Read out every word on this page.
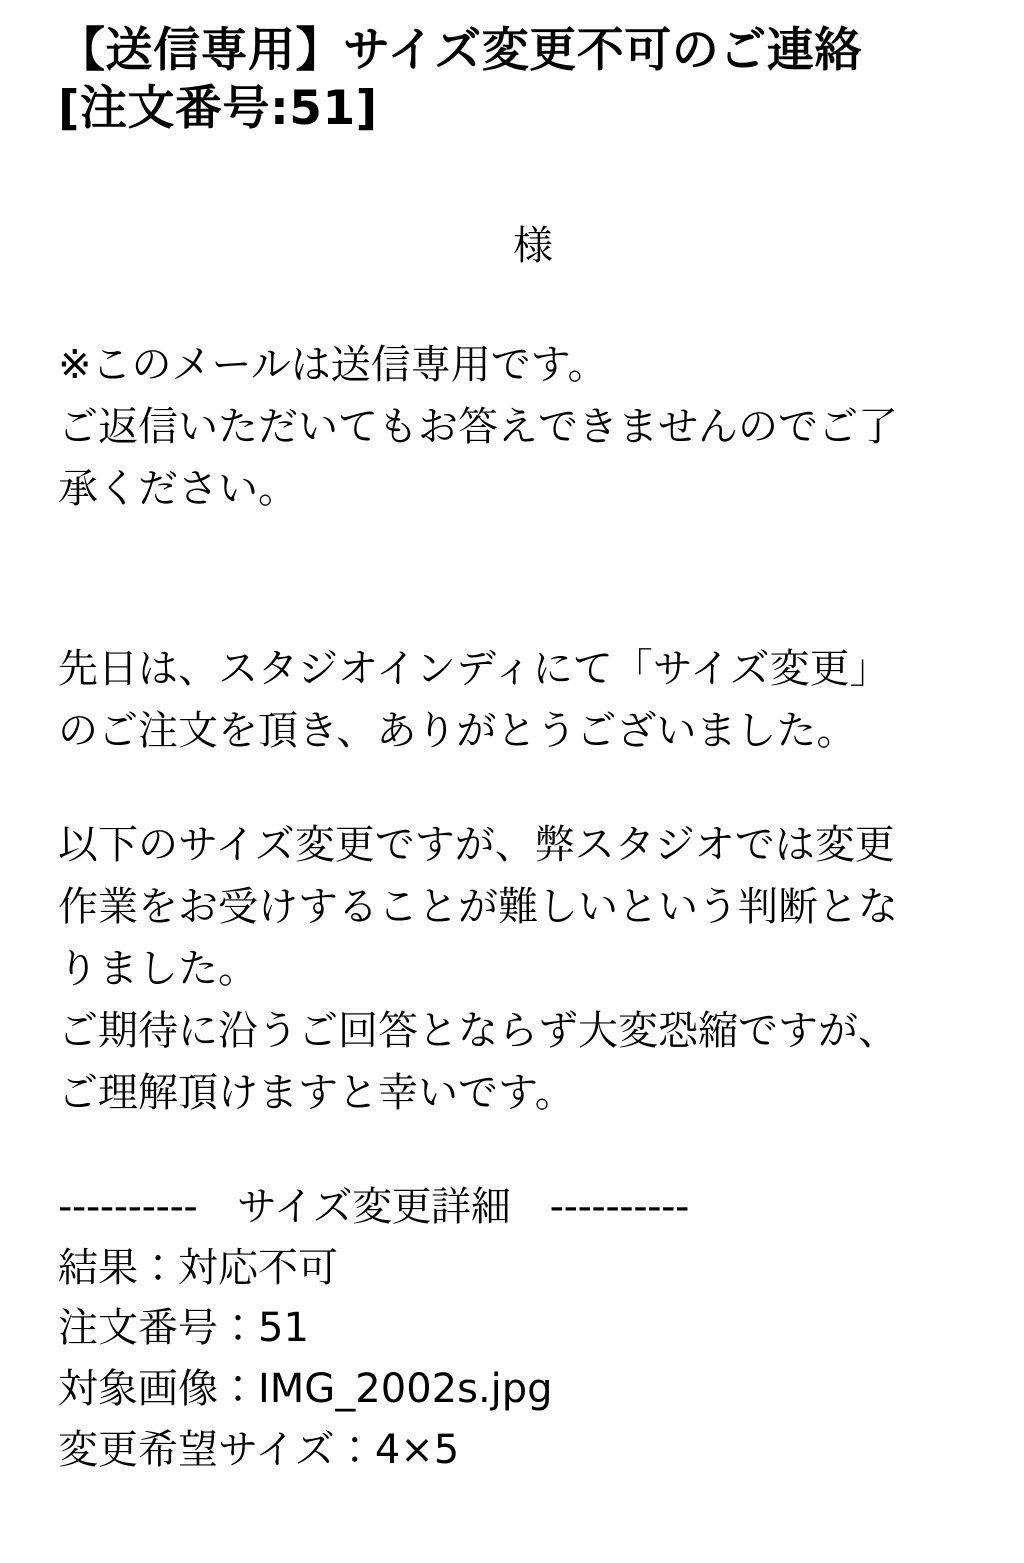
【送信専用】サイズ変更不可のご連絡　[注文番号:51]
様

※このメールは送信専用です。

ご返信いただいてもお答えできませんのでご了

承ください。

先日は、スタジオインディにて「サイズ変更」

のご注文を頂き、ありがとうございました。

以下のサイズ変更ですが、弊スタジオでは変更

作業をお受けすることが難しいという判断とな

りました。

ご期待に沿うご回答とならず大変恐縮ですが、

ご理解頂けますと幸いです。

----------　サイズ変更詳細　----------
結果：対応不可
注文番号：51
対象画像：IMG_2002s.jpg
変更希望サイズ：4×5
